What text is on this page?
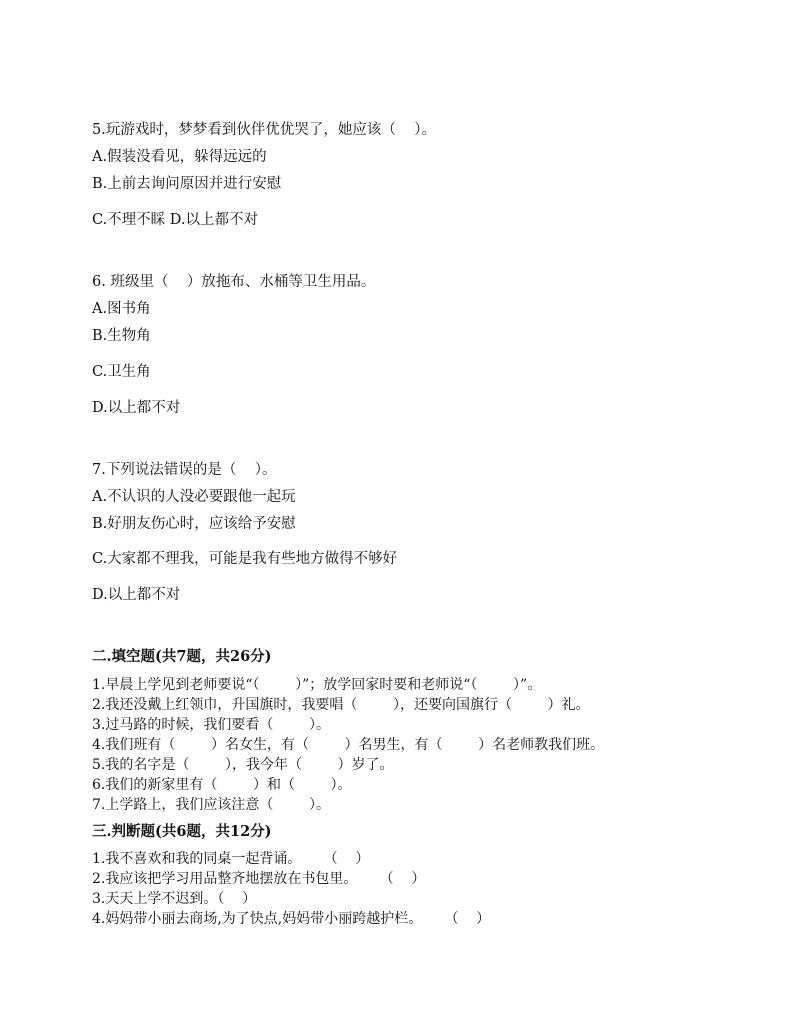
5.玩游戏时，梦梦看到伙伴优优哭了，她应该（    ）。
A.假装没看见，躲得远远的
B.上前去询问原因并进行安慰
C.不理不睬 D.以上都不对
6. 班级里（    ）放拖布、水桶等卫生用品。
A.图书角
B.生物角
C.卫生角
D.以上都不对
7.下列说法错误的是（    ）。
A.不认识的人没必要跟他一起玩
B.好朋友伤心时，应该给予安慰
C.大家都不理我，可能是我有些地方做得不够好
D.以上都不对
二.填空题(共7题，共26分)
1.早晨上学见到老师要说“（        ）”；放学回家时要和老师说“（        ）”。
2.我还没戴上红领巾，升国旗时，我要唱（        ），还要向国旗行（        ）礼。
3.过马路的时候，我们要看（        ）。
4.我们班有（        ）名女生，有（        ）名男生，有（        ）名老师教我们班。
5.我的名字是（        ），我今年（        ）岁了。
6.我们的新家里有（        ）和（        ）。
7.上学路上，我们应该注意（        ）。
三.判断题(共6题，共12分)
1.我不喜欢和我的同桌一起背诵。     （    ）
2.我应该把学习用品整齐地摆放在书包里。     （    ）
3.天天上学不迟到。（    ）
4.妈妈带小丽去商场,为了快点,妈妈带小丽跨越护栏。     （    ）
